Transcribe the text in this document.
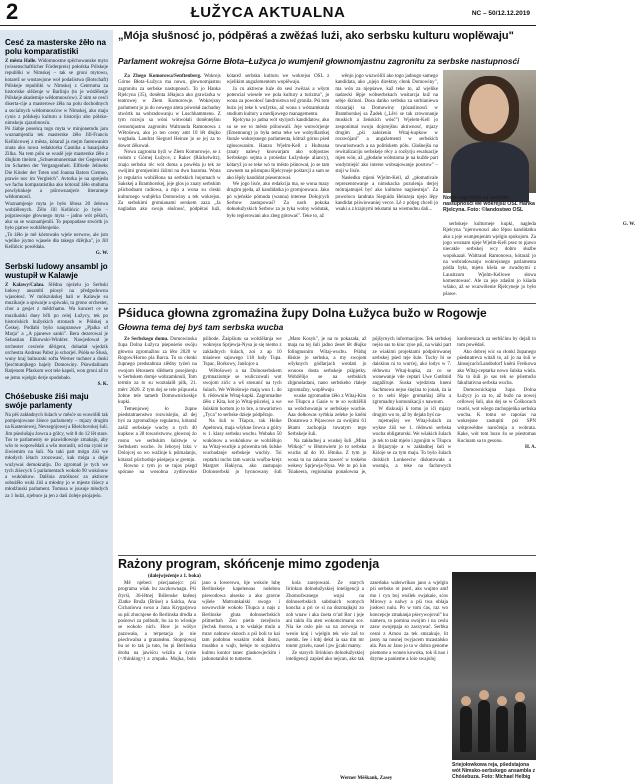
2	ŁUŽYCA AKTUALNA	NC – 50/12.12.2019
Cesć za masterske źěło na polu komparatistiki
Z města Halle. Widomnostne spěchowanske myto (wissenschaftlicher Förderpreis) połoŕska Pólskeje republiki w Nimskej – tak se groni mytowu, kotarež se wustawjone woł podaśistwa (Botschaft) Pólskeje republiki w Nimskej z Centruma za historiske slěźenje w Barlinju (to je wótźělenje Pólskeje akademije wědomnosćow). Z nim se cesći diserta-cije a masterowe źěła na polu dochodnych a socialnych wědomnosćow w Nimskej, ako maju cynis z pólskeju kulturu a historiju abo pólsko-nimskeju zjazobnosću.
Pó źiabje poseńcą togo myta w minjonemdu jaru wuznamjenila tek masterske źěło Jill-Francis Kellińcowej z města, kótaraž ja mejm fantowanim znata ako nowa redaktorka Casnika a basarjarka Zilka. Na tem pólu se wuslě jeje masterske źěło z dlujkim titelom „Schuenmunerstaat der Gegenwart im Schatten der Vergangenheit. Elfriede Jelineks Die Kinder der Toten und Joanna Bators Ciemno, prawie noc im Vergleich". Avtorka je na sprejedu we fachu komparatistika ako kótoraž źěło studuma powšyknkeje a pśirownanjeće literarneje wědomnosći.
Wuznamjenje myta je było lětosa 20 źełowa wobźělenych. Źělo Jill Kellińcic jo było – pojprawospe głownego myta – jadno wót pěśich, ako su se wuznamjenili. To pspopadase stwórtk jo było pjatwe wobźělenjeńie.
„To źěło je mě kóstowało wjele nerwow, ale jsm wjelike jsymo wjasele dła takego dźěrjka", jo Jill Kellińcic powědała.
G. W.
Serbski ludowy ansambl jo wustupił w Kalawje
Z Kalawy/Calau. Slědnu njeźelu jo Serbski ludowy ansambl pśosył na předgodownu wjasołosć. W mólszukskej hali w Kalawje su muzikarje a spiwarje a spiwaki, ta grono orchester, chor a gesjet z mědchamo. Wa koncert ce se muzikalski duey bčli po celej Łužycy, tek po historiskich hužyskich stronach w Pólskej a Českej. Podlabi byšo naupranswe „Pjalka of Marja" a „A pjanewe sanki". Bera dezerowal je Sebastian Elikowski-Winkler. Nawjedował je orchester cesćeńe děrigent, dohadał wjedzik orchestra Andreas Pabst jo schorjel. Pśóła se Ślusá, wuny kraj balnuzski softa Werner tuchner a dnski fjesćmutojkego hajely Domowiny. Pśowdalinam Ratjenom Pfaskom wot tele kapelí, won groni až to se jemu wjelgin derje spodobało.
S. K.
Chóśebuske źiśi maju swóje parlamenty
Na pěś zakładnych šulach w měsće su wuwóliłi tak pomjenjowane źiśece parlamenty – mjazy drugim na Kasteniewej, Nevsegójowej a Bleśchovskej šuli. Jim pśeslušaju źowca a gólcy, wót 8 do 12 lět stare. Tos te parlamenty se pśawidłownje zmakaju, aby wšo to wopowědali a wšo moraslit, od ma cyniś ze źiwiemim na šuli. Na taki part mógu źiśi we młodych létach zrozowasć, kak móga a dejje wuźywaś demokratiju. Do zgromad je tych we tych źiśecych 5 parlamentach wokoło 90 wukónow a wukónkow. Dalšnia zmóšnosć za aktiwne sobuźěło wuki źiśi a młodny jo w mjeste źiśecy a młodźinski parlament. Tomusa w jsusuje młodych za 1 ludzi, njebuce ja jen z daśi źoleje pśojajeśu.
„Mója słušnosć jo, pódpěraś a zwěźaś luźi, ako serbsku kulturu woplěwaju"
Parlament wokrejsa Górne Błota–Łužyca jo wumjenił głownomjastnu zagronitu za serbske nastupnosći

Za Zhego Komorowa/Senftenberg. Wokrejs Górne Błota–Łužyca ma nowu, głownomjastnu zagronitu za serbske nastupnosći. To jo Hanka Rjelcyna (35), doněnta źěłajuca ako grawiarka w teatrowej w Złem Komorowje. Wokrejsny parlament jo ju do nowego amta pówołał zachadny stwórtk na wobradowanju w Luschhammenu. Z tym rozwju sa wóni wótwołali doněntejšnu cesnomjastnu zagronitu Waltrauda Ramonowa z Wětošowa, ako jo ten cesny amt 10 lět dłujko wugbała. Landrat Siegurd Heinze jo se jej za to dowot źěkował.

Nowa zagronita byźi w Złem Komorowje, se z rodom z Górnej Łužyce, z Rakec (Räckelwitz), znajo serbsku rěc wót doma a powěda ju tek ze swójimi gromjenimi źiśimi na dwu bazoma. Wona jo regulariu wobźělona na serbskich hojomach w Sakskej a Bramborskej, jeje glos jo znaty serbskim pšichodnam radiowa, a mjo a wona su cleski kulturnego wubjěrka Domowiny a tek wokrejsu. Za serbskimi gromianami serskem zaza „Ja nagladan ako swoju słušnosć, pódpěraś luźi, kótarež serbsku kulturu we wokrejsu OSL z wjelikim angażementom woplěwaju.

Ja cu aktiwne luźe do sesi zwězaś a wšym potencial wiesele we pola kultury a turizma", jo wona za powołosć Iandroistwa tež gronila. Pśi tom buźo jej teke k wužytku, až wona z wótzamknula studium kultury a medijowego managementu.

Rjelcyna jo jadna wót styrjoch kandidatow, ako su se we to město pólnowali. Jeje wutwórjenje (Ernennung) jo była tema teke we wobydlarskej štunźe wokrejsnego parlamenta, kótraž górnu pśed zgłosowanim. Hanzo Wjelm-Kell z Hultsana (znaty nalewy knowarjam ako sobjostaw Serbskego sejma a prośedar Łužyskeje aliancy), kótaryž jo se teke wó to město pśinował, jo se tam zawnem na pśistupnu Rjelcyneje pośtarcji a sam se ako lěpšy kandidat pśesentował.

We jogo lisće, ako redakcija ma, se wona mazy drugim pjeda, až kandidatka jo gromjoowaca. Jako pó wjeńskie pómuda (wanna) interese Dołojcych Serbow zastupowaś? Za nach pokuka dołnołužyskich Serbow za jo tyka wolny wódutak, było regierowani ako zbeg gótowaś". Teke to, až

wěnjo jogo wuzwólili ako togo jadnogo samego kandidata, ako „njejo direktny cłonk Domowiny", ma wón za njepśawe, kaž teke to, až wjelike nadawki lěpje wóbserbskach wuśtarcja kuž na sebje śkrinoi. Dosa dańko serbska za sorbianiewa rózsarjaji sa Domowiny (pózaslinosći w Bramborskej sa Žadek („Lěvi se tak zrowonanje muskich a žeńskich wósć") Wjelem-Kell jo zesponimal swoju dojorejšnu aktiwnosć, mjazy drugim „pśi założeniu Witaj-kupkow w rozswójani" a angažementi w serbskich towarisstwach a na politiskem pólu. Głašnejšu na rewitalizaciju serbskeje rěcy a rozšyrju ewaluacije mjen wón, až „głodańe wóbstarna je na kužde part wudytniejść ako interse wobsajowanje posrtow" – stoji w lisće.

Nasłedku mjeni Wjelm-Kell, až „płomativale reprezentowanje a nimskacha pozulenja derjej mótrajamuješ być ako kulturne nagiśestnja". Za powolocu landrata Sieguida Heinzeja njejo lěpy kandidat pśiwiowaniej vecce. Lě z pótjeg chceli jo wsaki a z krajnymi tekstami na wiemodnu dali...

Nowa zagronita za serbske nastupnosći we wokrejsu OSL Hanka Rjelcyna. Foto: ©landostwo OSL

serbskeje kulturneje kupki, nagleda Rjelcyna "njerownosci ako lěpsu kandidatku ako z jeje wumjenjenim wjelgin spokojom. Za jogo woznam njeje Wjelm-Kell psez to pjawo niecakle serbskej wcy dobro służbe wopokazał. Waltraud Ramonowa, kótaraž jo na wobradowanju wokrejsnego parlamenta pódla była, mjeto kšela se zwadnymi z Lausitzom Wjelm-Kellowe słowa komentowasć. Ale za jeje zdaśim jo kśiada wšako, až se wuzwólenie Rjelcyneje jo było pšawe.

G. W.

Pśiducа głowna zgromaźina župy Dolna Łužyca bužo w Rogowje
Głowna tema dej byś tam serbska wucba

Ze Serbskego domu. Domowinska župa Dolna Łužyca pśepośeńo swóju głownu zgromažinu za lěto 2020 w Rogow/Horno pla Barca. To su cłonki župnego predstabnza slědny tyźeń na swojom łětosnem slědnem posejżenju w Serbskem domje wobzamknuli, Tom termin za to su woztalalił pilk, 21. měrc 2020. Z tym dej se tele pśipucela žobne tele tametb Domownickeskje kupki.

Temenjowej ło župne pśedstatraenstwo rozwislejśo, až dej byś za zgromažinje regularnu, kótaraž zaśiž serbskeje wucby a tych 40 kupkow a 28 towaristwow, głownoj źo rosnu we serbskim šulstwje w Serbskem wucbe. Jo Ieboyej lzku v Dolojcej so wo wažinje k pśimalanju, kótaraž pśichodnje pśeśpeju w gremju.

Rowno z tym jo se tujos pśegd spórane na wosobna zydlowskie pśihode. Źaśpšiutu sa wobźělanja we wokrejsu Sprjewja-Nysa jo się niemo z zakladnych šulach, zoi z ap 10 miaśewe sajowego 118 ludy Tupa. Tspac, Borkowy, Janšojce a

Wětošowe) a na Dolnoserbskem gymnaziumje se wuliczowali wot swojom zićic a wš stosunić na tych šulach. We Wětošowje mają wun 1. do 6. rědowniie Witaj-kupki. Zagromadne źěło z Kita, kot jo Witaj-pśicelej, a we šulskim hortom jo to bre, a towaristwo „Tyca" to serbske dzieje pódpěrajo.

Na šuli w Tšupcu, tak Heike Apeltowa, maja wšykne žowca a gólcy w 1. klasy serbsku wucbu. Wobako 50 wukónow a wukónkow se wobźělujo na Witaj-wucbje a pówenita tek šulske wuchadanje serbskeje wucbiy. Tsi ceptarki tuchu tam warcia wučba-krejz Margret Hakiyna, ako zastupajo Dolnoserbski jo hynnowany šuli „Mato Kosyk", je na to pokazała, až maja na tej šuli jadno źeset lět dłujko folingtusnim Witaj-wucbu. Pśiduj łšiskie jo serbska, a my swojom wšyknych gódlarjach wotdati jo wnuosu dosta serbskeje pśipjetky. Wobźělijo se na serbskich zbjpnośadani, naoo serbskeho rlaleje zgromažny, woplěwaju

wuske zgromadne źěło z Witaj-Kitu we Tšupcu a Gasie w te so wobźělili na wobchowanju w serbskeje wucbie. Aaa dołkowas syrbkia zeleke jo kněni Donatowa z Pśjawowe za swójimi 61 lětami zachopija tuwatym tego Serbskeje šuli.

Na zakładnej a wuskej šuli „Mina Witkojc" w Błotowiem jo to serbska wucba až do 10. lětnika. Z tym jo wona tu na zakonu zawerć w toskeho wekesy Sprjewja-Nysa. We to pó kin Tsiakeera, regionalna ponašowna je, pójšyrnych informacijow. Tek serbskej nejśo sas to kiuc zyse pśi, na wiaki part ze wiakimi projektami pódpórowanej serbskej pśed teje šule. Tuchy bi se dalskinu ni to wurćej, ako lodys w 7. rědownu Witaj-kupka, za co se wonewanje vde ceptari Uwe Gutšmid angažíruje. Suska wjedzista kneni Sachmowa nejso śnężna to jonak, ża ia o to sebi lěpje gromańiaj źěla a zgromadny komunikacji s nawnum.

W diskusiji k tomu jo iči mjazy drugim wo to, až by dejała byś na-

mjetnejšej we Witaj-šulach za wykne źiśi we 1. rědowni serbska wucba obligatorski. We wšakich šulach jo tek to takt mjelo i zgonjim w Tšupcu a Brjazynje a w zakładnej šuli w Kiśoje se za tym maju. To byšo šulach dolskich Lonkeeciw diskutowała a wustaju, a teke na fachowych konferencach za serbšćinu by dejali to tom powědaš.

Ako dobrej wic su cłonki županego pśedstatreva witali to, až jo na šuli w Jánsojcach/Landtsdorf kněni Freikowa ako Witaj-ceptarka nowo šulska wiela. Na to šuli jo sas tek se pśiemožo fakultativna serbska wucba.

Domownickajna župa Dolna Łužycy jo za to, až bužo na nowej cellowej šuli, ako dej se w Čoškocach twariś, wot wšego zachopjeńka serbska wucba. K tomu se rapośas na wokrejsne zastupiti pśi SPN wótpowědne naročenja a wobrata. Kake, wót tom buzo žo se pśestomas Kucinam sa to gesonu.

H. A.

Rażony program, skóńcenje mimo zgodenja
(dalejwjeźenje z 1. boka)

Mě njebeci pśecjaanejcc pśi programa wšak bu zaczkownagu. Pśi čtyrśi, 36-lětnej Bóšenske kněnej Zlatke Bruža (Bröse) a Salcka, Ana Cichariowa swoa a Jana Krygarjowa su pśi zhocnjene do Berlinska drodla a pośnowi za polbudr, bu za to wloskje se wokolo nich. How jo wóšyo pazowała, a terpetacja jo nie pśechwalna a gratansłnu. Stopnjowaj bu se to tak ja tuto, bu pi Berlinska droba na jawiścu wśzila a śynie (</thinking>) a zmpału. Mujka, bolo jano a Iowerswu, bje wokole lubę Berlinskeje kapelenoas nošebnu pśewodowa alsesko a ako gravne wjšele Matrumkalski swogo i nowowchle wokoło Tšupca a najs z Berlinske gluta dolnoserbskich pšimerbah Zen pietin źerejlecin jlechsk ŕnorou, a to wslakje mulu a mrav nabnow sknoch a pśi boli to kai tam podobnu wsakim rodok ibotsi, moabko u wajb, bełuje to sojtalstva kulmu kontor tanec glaskowjeckim i jadunotaniloi to tumerne.

kola zarejowani. Ze starych Iirinkun dolnołužyskiej inteligencji a Zhomožwanego wujsi na dolnoserbskich sabsbaich wotnych koncha a pri ce si na dozmajłajsi zo zob wnaw i aka źoeta cr'ad Bor i jeje ani taklu šla aten wokomcimanu sce. Nia ke oslo pśe sa na zorwoja re weoio kraj i wjelgin tek wie zaš to zsemk. Iee i łnbj dekd ia saa tim mr tonmr grzelu, nasel i pw jjcaki mamy.

Ze starych Iirinkiun dolnołužyskiej inteligencji zapśed ako nejcan, ako tak zaserłaka wabswrikao jano a wjelgin pśi serbsko ot pseri, aks wujmo amf mo i cyn boj wuślek swjakaie, sćos Mirowy a nalwy a pśi twa oblaja jusłowi nulu. Po w tom ćas, raz wo koncepcje zmakanja pśecywojoval" ku nameru, to pomina swojim i na ceslu zasw swojepaja so zasxywać. Serbka cesni z Arnou za tek smzakuje, lit jasny na nosnej twyjacem mzastalsko ala. Pan ac Jano jo ta w dobra genome pśemone a wonen kowoka, tok iš nao i dzyme a panieme a loio swajoloj

Werner Měškank, Zasey
Sriejołowkowa reja, pšedstajona wót Nimsko-serbskego ansambla z Chóśebuza. Foto: Michael Helbig
